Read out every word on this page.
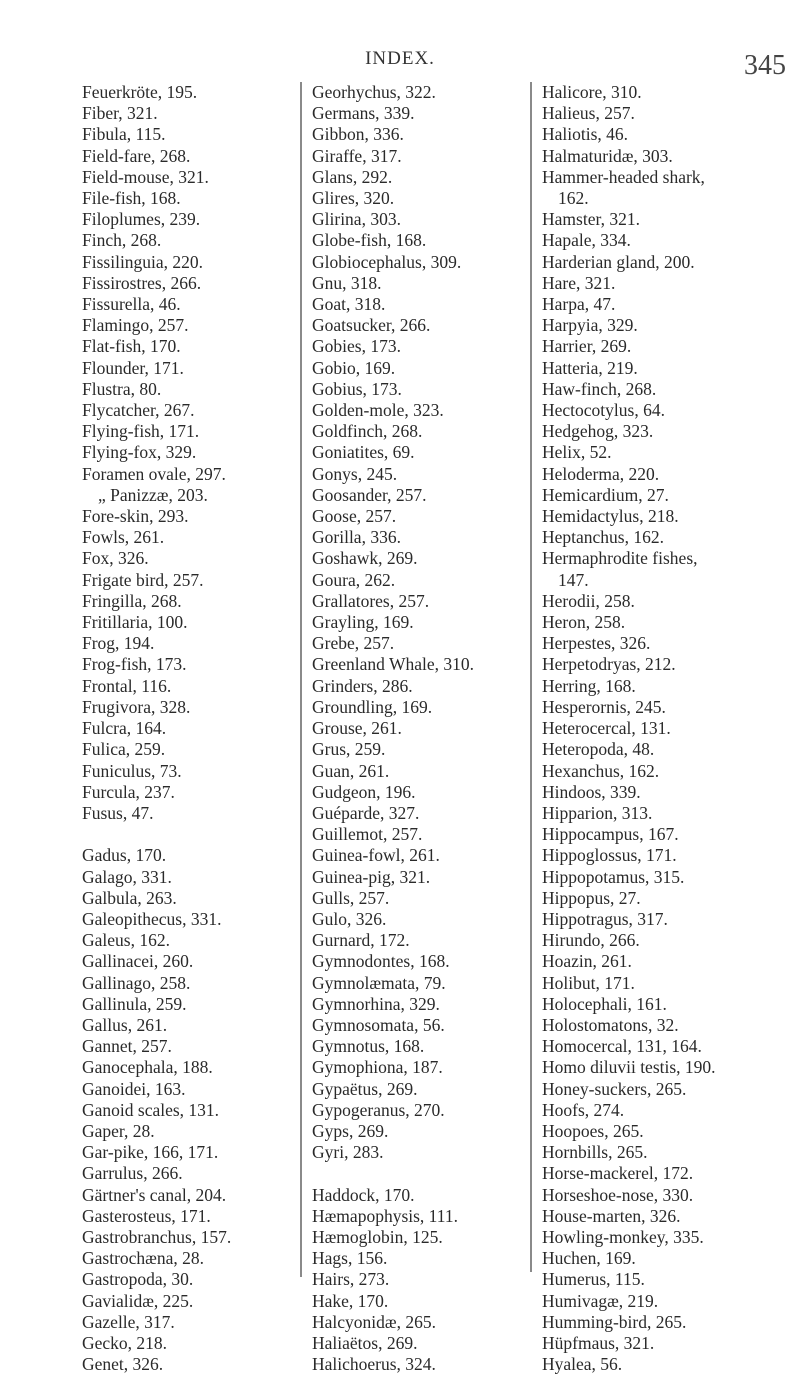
INDEX.	345
Feuerkröte, 195.
Fiber, 321.
Fibula, 115.
Field-fare, 268.
Field-mouse, 321.
File-fish, 168.
Filoplumes, 239.
Finch, 268.
Fissilinguia, 220.
Fissirostres, 266.
Fissurella, 46.
Flamingo, 257.
Flat-fish, 170.
Flounder, 171.
Flustra, 80.
Flycatcher, 267.
Flying-fish, 171.
Flying-fox, 329.
Foramen ovale, 297.
„ Panizzæ, 203.
Fore-skin, 293.
Fowls, 261.
Fox, 326.
Frigate bird, 257.
Fringilla, 268.
Fritillaria, 100.
Frog, 194.
Frog-fish, 173.
Frontal, 116.
Frugivora, 328.
Fulcra, 164.
Fulica, 259.
Funiculus, 73.
Furcula, 237.
Fusus, 47.
Gadus, 170.
Galago, 331.
Galbula, 263.
Galeopithecus, 331.
Galeus, 162.
Gallinacei, 260.
Gallinago, 258.
Gallinula, 259.
Gallus, 261.
Gannet, 257.
Ganocephala, 188.
Ganoidei, 163.
Ganoid scales, 131.
Gaper, 28.
Gar-pike, 166, 171.
Garrulus, 266.
Gärtner's canal, 204.
Gasterosteus, 171.
Gastrobranchus, 157.
Gastrochæna, 28.
Gastropoda, 30.
Gavialidæ, 225.
Gazelle, 317.
Gecko, 218.
Genet, 326.
Georhychus, 322.
Germans, 339.
Gibbon, 336.
Giraffe, 317.
Glans, 292.
Glires, 320.
Glirina, 303.
Globe-fish, 168.
Globiocephalus, 309.
Gnu, 318.
Goat, 318.
Goatsucker, 266.
Gobies, 173.
Gobio, 169.
Gobius, 173.
Golden-mole, 323.
Goldfinch, 268.
Goniatites, 69.
Gonys, 245.
Goosander, 257.
Goose, 257.
Gorilla, 336.
Goshawk, 269.
Goura, 262.
Grallatores, 257.
Grayling, 169.
Grebe, 257.
Greenland Whale, 310.
Grinders, 286.
Groundling, 169.
Grouse, 261.
Grus, 259.
Guan, 261.
Gudgeon, 196.
Guéparde, 327.
Guillemot, 257.
Guinea-fowl, 261.
Guinea-pig, 321.
Gulls, 257.
Gulo, 326.
Gurnard, 172.
Gymnodontes, 168.
Gymnolæmata, 79.
Gymnorhina, 329.
Gymnosomata, 56.
Gymnotus, 168.
Gymophiona, 187.
Gypaëtus, 269.
Gypogeranus, 270.
Gyps, 269.
Gyri, 283.
Haddock, 170.
Hæmapophysis, 111.
Hæmoglobin, 125.
Hags, 156.
Hairs, 273.
Hake, 170.
Halcyonidæ, 265.
Haliaëtos, 269.
Halichoerus, 324.
Halicore, 310.
Halieus, 257.
Haliotis, 46.
Halmaturidæ, 303.
Hammer-headed shark,
162.
Hamster, 321.
Hapale, 334.
Harderian gland, 200.
Hare, 321.
Harpa, 47.
Harpyia, 329.
Harrier, 269.
Hatteria, 219.
Haw-finch, 268.
Hectocotylus, 64.
Hedgehog, 323.
Helix, 52.
Heloderma, 220.
Hemicardium, 27.
Hemidactylus, 218.
Heptanchus, 162.
Hermaphrodite fishes,
147.
Herodii, 258.
Heron, 258.
Herpestes, 326.
Herpetodryas, 212.
Herring, 168.
Hesperornis, 245.
Heterocercal, 131.
Heteropoda, 48.
Hexanchus, 162.
Hindoos, 339.
Hipparion, 313.
Hippocampus, 167.
Hippoglossus, 171.
Hippopotamus, 315.
Hippopus, 27.
Hippotragus, 317.
Hirundo, 266.
Hoazin, 261.
Holibut, 171.
Holocephali, 161.
Holostomatons, 32.
Homocercal, 131, 164.
Homo diluvii testis, 190.
Honey-suckers, 265.
Hoofs, 274.
Hoopoes, 265.
Hornbills, 265.
Horse-mackerel, 172.
Horseshoe-nose, 330.
House-marten, 326.
Howling-monkey, 335.
Huchen, 169.
Humerus, 115.
Humivagæ, 219.
Humming-bird, 265.
Hüpfmaus, 321.
Hyalea, 56.
